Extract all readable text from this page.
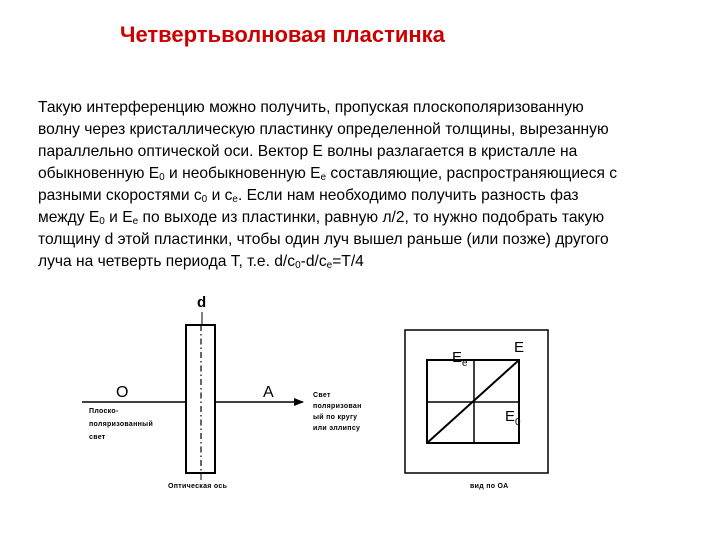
Четвертьволновая пластинка
Такую интерференцию можно получить, пропуская плоскополяризованную
волну через кристаллическую пластинку определенной толщины, вырезанную
параллельно оптической оси. Вектор Е волны разлагается в кристалле на
обыкновенную $Е_0$ и необыкновенную $Е_е$ составляющие, распространяющиеся с
разными скоростями $с_0$ и $с_е$. Если нам необходимо получить разность фаз
между $Е_0$ и $Е_е$ по выходе из пластинки, равную л/2, то нужно подобрать такую
толщину d этой пластинки, чтобы один луч вышел раньше (или позже) другого
луча на четверть периода Т, т.е. $d/с_0-d/с_е=Т/4$
d
О	А
Плоско-
поляризованный
свет
Свет
поляризован
ый по кругу
или эллипсу
Оптическая ось
$Е_е$
Е
$Е_0$
вид по ОА
